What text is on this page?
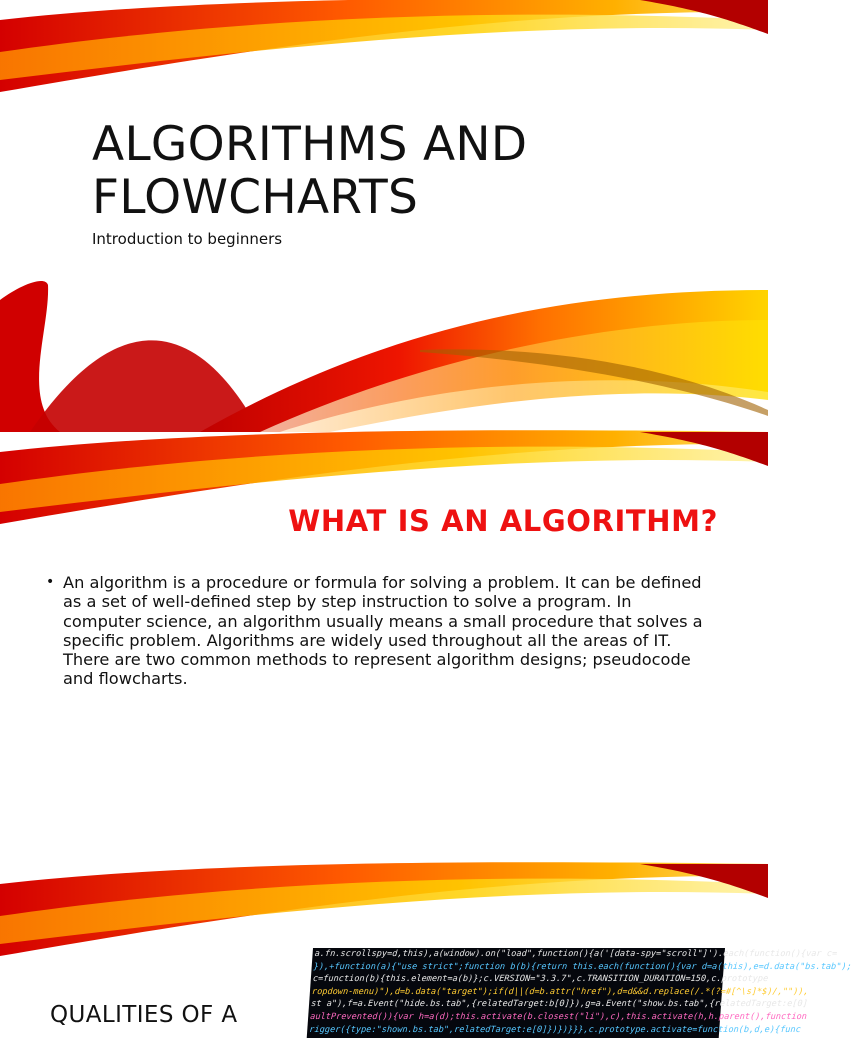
ALGORITHMS AND FLOWCHARTS
Introduction to beginners
WHAT IS AN ALGORITHM?
• An algorithm is a procedure or formula for solving a problem. It can be defined as a set of well-defined step by step instruction to solve a program. In computer science, an algorithm usually means a small procedure that solves a specific problem. Algorithms are widely used throughout all the areas of IT. There are two common methods to represent algorithm designs; pseudocode and flowcharts.
QUALITIES OF A
a.fn.scrollspy=d,this),a(window).on("load",function(){a('[data-spy="scroll"]').each(function(){var c=
}),+function(a){"use strict";function b(b){return this.each(function(){var d=a(this),e=d.data("bs.tab");
c=function(b){this.element=a(b)};c.VERSION="3.3.7",c.TRANSITION_DURATION=150,c.prototype
ropdown-menu)"),d=b.data("target");if(d||(d=b.attr("href"),d=d&&d.replace(/.*(?=#[^\s]*$)/,"")),
st a"),f=a.Event("hide.bs.tab",{relatedTarget:b[0]}),g=a.Event("show.bs.tab",{relatedTarget:e[0]
aultPrevented()){var h=a(d);this.activate(b.closest("li"),c),this.activate(h,h.parent(),function
rigger({type:"shown.bs.tab",relatedTarget:e[0]})})}}},c.prototype.activate=function(b,d,e){func
